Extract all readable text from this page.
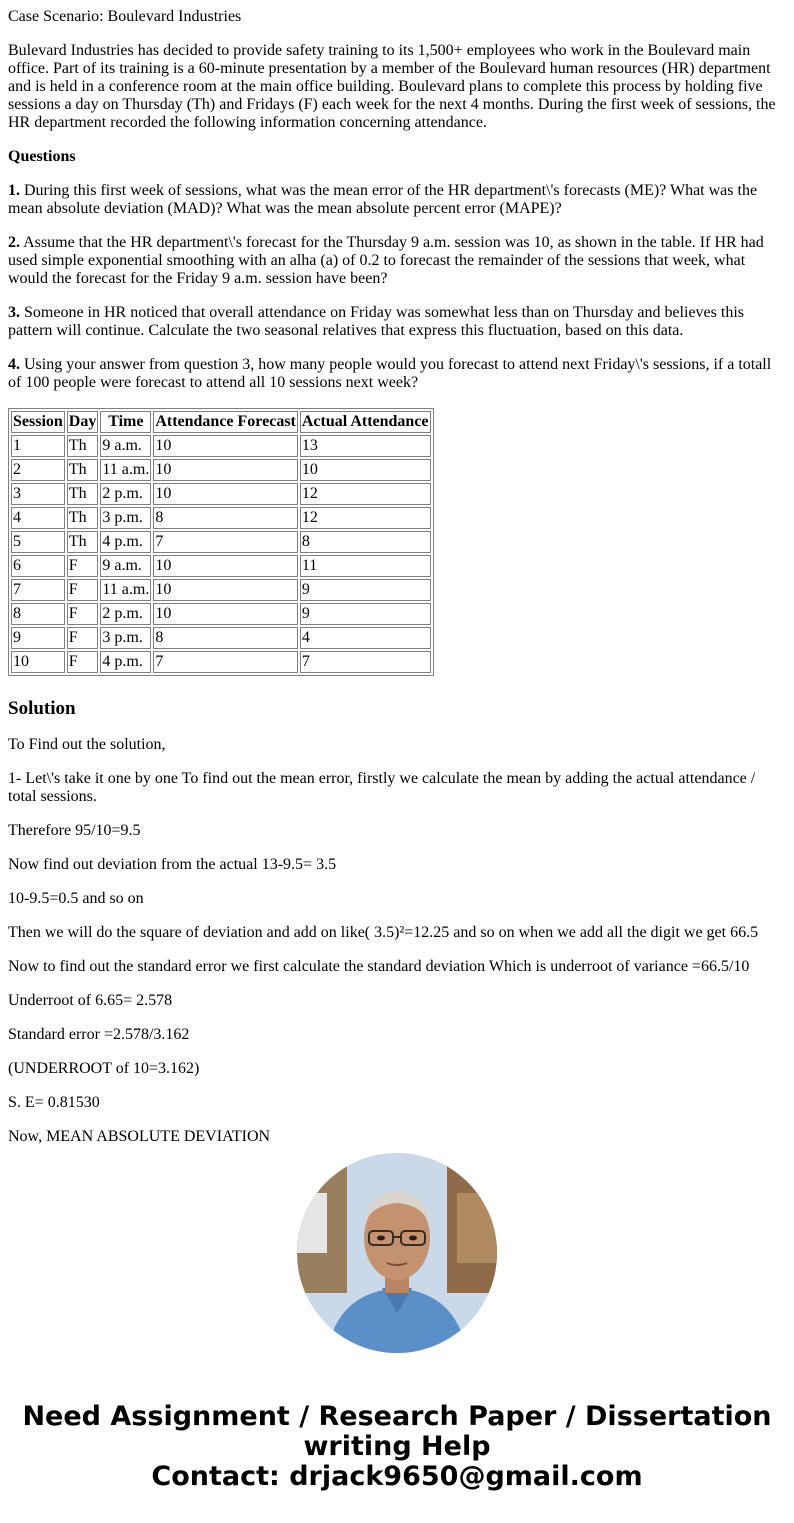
Case Scenario: Boulevard Industries

Bulevard Industries has decided to provide safety training to its 1,500+ employees who work in the Boulevard main office. Part of its training is a 60-minute presentation by a member of the Boulevard human resources (HR) department and is held in a conference room at the main office building. Boulevard plans to complete this process by holding five sessions a day on Thursday (Th) and Fridays (F) each week for the next 4 months. During the first week of sessions, the HR department recorded the following information concerning attendance.

Questions

1. During this first week of sessions, what was the mean error of the HR department\'s forecasts (ME)? What was the mean absolute deviation (MAD)? What was the mean absolute percent error (MAPE)?

2. Assume that the HR department\'s forecast for the Thursday 9 a.m. session was 10, as shown in the table. If HR had used simple exponential smoothing with an alha (a) of 0.2 to forecast the remainder of the sessions that week, what would the forecast for the Friday 9 a.m. session have been?

3. Someone in HR noticed that overall attendance on Friday was somewhat less than on Thursday and believes this pattern will continue. Calculate the two seasonal relatives that express this fluctuation, based on this data.

4. Using your answer from question 3, how many people would you forecast to attend next Friday\'s sessions, if a totall of 100 people were forecast to attend all 10 sessions next week?

Session	Day	Time	Attendance Forecast	Actual Attendance
1	Th	9 a.m.	10	13
2	Th	11 a.m.	10	10
3	Th	2 p.m.	10	12
4	Th	3 p.m.	8	12
5	Th	4 p.m.	7	8
6	F	9 a.m.	10	11
7	F	11 a.m.	10	9
8	F	2 p.m.	10	9
9	F	3 p.m.	8	4
10	F	4 p.m.	7	7
Solution

To Find out the solution,

1- Let\'s take it one by one To find out the mean error, firstly we calculate the mean by adding the actual attendance / total sessions.

Therefore 95/10=9.5

Now find out deviation from the actual 13-9.5= 3.5

10-9.5=0.5 and so on

Then we will do the square of deviation and add on like( 3.5)²=12.25 and so on when we add all the digit we get 66.5

Now to find out the standard error we first calculate the standard deviation Which is underroot of variance =66.5/10

Underroot of 6.65= 2.578

Standard error =2.578/3.162

(UNDERROOT of 10=3.162)

S. E= 0.81530

Now, MEAN ABSOLUTE DEVIATION

Need Assignment / Research Paper / Dissertation
writing Help
Contact: drjack9650@gmail.com
